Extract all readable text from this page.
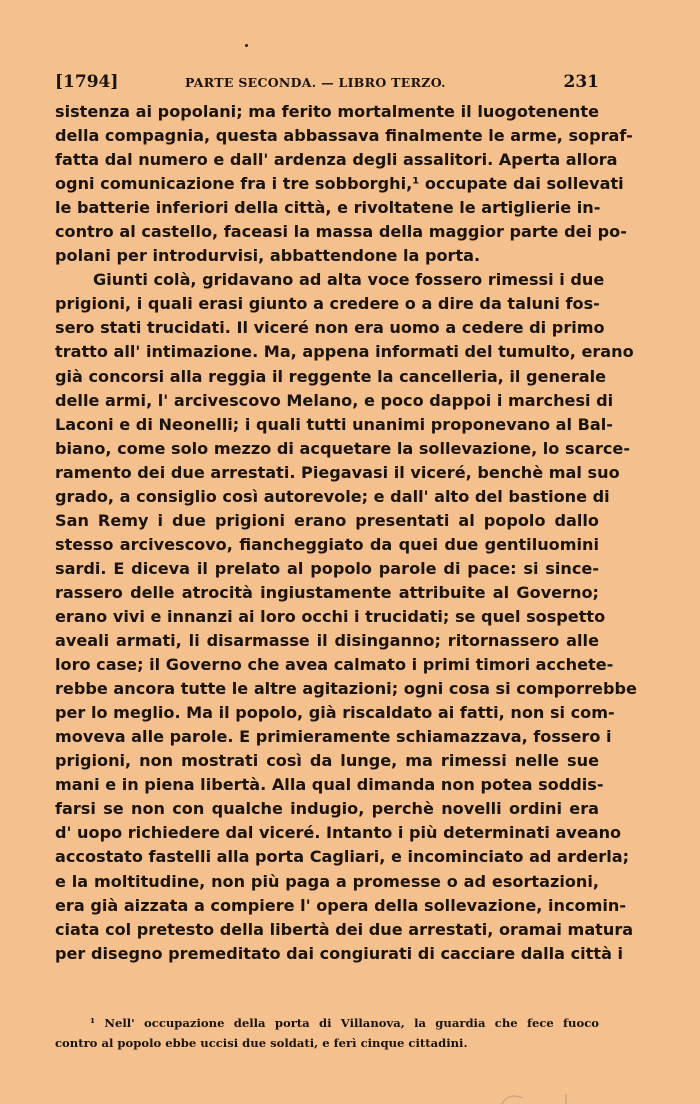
[1794]	PARTE SECONDA. — LIBRO TERZO.	231
sistenza ai popolani; ma ferito mortalmente il luogotenente
della compagnia, questa abbassava finalmente le arme, sopraf-
fatta dal numero e dall' ardenza degli assalitori. Aperta allora
ogni comunicazione fra i tre sobborghi,¹ occupate dai sollevati
le batterie inferiori della città, e rivoltatene le artiglierie in-
contro al castello, faceasi la massa della maggior parte dei po-
polani per introdurvisi, abbattendone la porta.
Giunti colà, gridavano ad alta voce fossero rimessi i due
prigioni, i quali erasi giunto a credere o a dire da taluni fos-
sero stati trucidati. Il viceré non era uomo a cedere di primo
tratto all' intimazione. Ma, appena informati del tumulto, erano
già concorsi alla reggia il reggente la cancelleria, il generale
delle armi, l' arcivescovo Melano, e poco dappoi i marchesi di
Laconi e di Neonelli; i quali tutti unanimi proponevano al Bal-
biano, come solo mezzo di acquetare la sollevazione, lo scarce-
ramento dei due arrestati. Piegavasi il viceré, benchè mal suo
grado, a consiglio così autorevole; e dall' alto del bastione di
San Remy i due prigioni erano presentati al popolo dallo
stesso arcivescovo, fiancheggiato da quei due gentiluomini
sardi. E diceva il prelato al popolo parole di pace: si since-
rassero delle atrocità ingiustamente attribuite al Governo;
erano vivi e innanzi ai loro occhi i trucidati; se quel sospetto
aveali armati, li disarmasse il disinganno; ritornassero alle
loro case; il Governo che avea calmato i primi timori acchete-
rebbe ancora tutte le altre agitazioni; ogni cosa si comporrebbe
per lo meglio. Ma il popolo, già riscaldato ai fatti, non si com-
moveva alle parole. E primieramente schiamazzava, fossero i
prigioni, non mostrati così da lunge, ma rimessi nelle sue
mani e in piena libertà. Alla qual dimanda non potea soddis-
farsi se non con qualche indugio, perchè novelli ordini era
d' uopo richiedere dal viceré. Intanto i più determinati aveano
accostato fastelli alla porta Cagliari, e incominciato ad arderla;
e la moltitudine, non più paga a promesse o ad esortazioni,
era già aizzata a compiere l' opera della sollevazione, incomin-
ciata col pretesto della libertà dei due arrestati, oramai matura
per disegno premeditato dai congiurati di cacciare dalla città i
¹ Nell' occupazione della porta di Villanova, la guardia che fece fuoco
contro al popolo ebbe uccisi due soldati, e ferì cinque cittadini.
